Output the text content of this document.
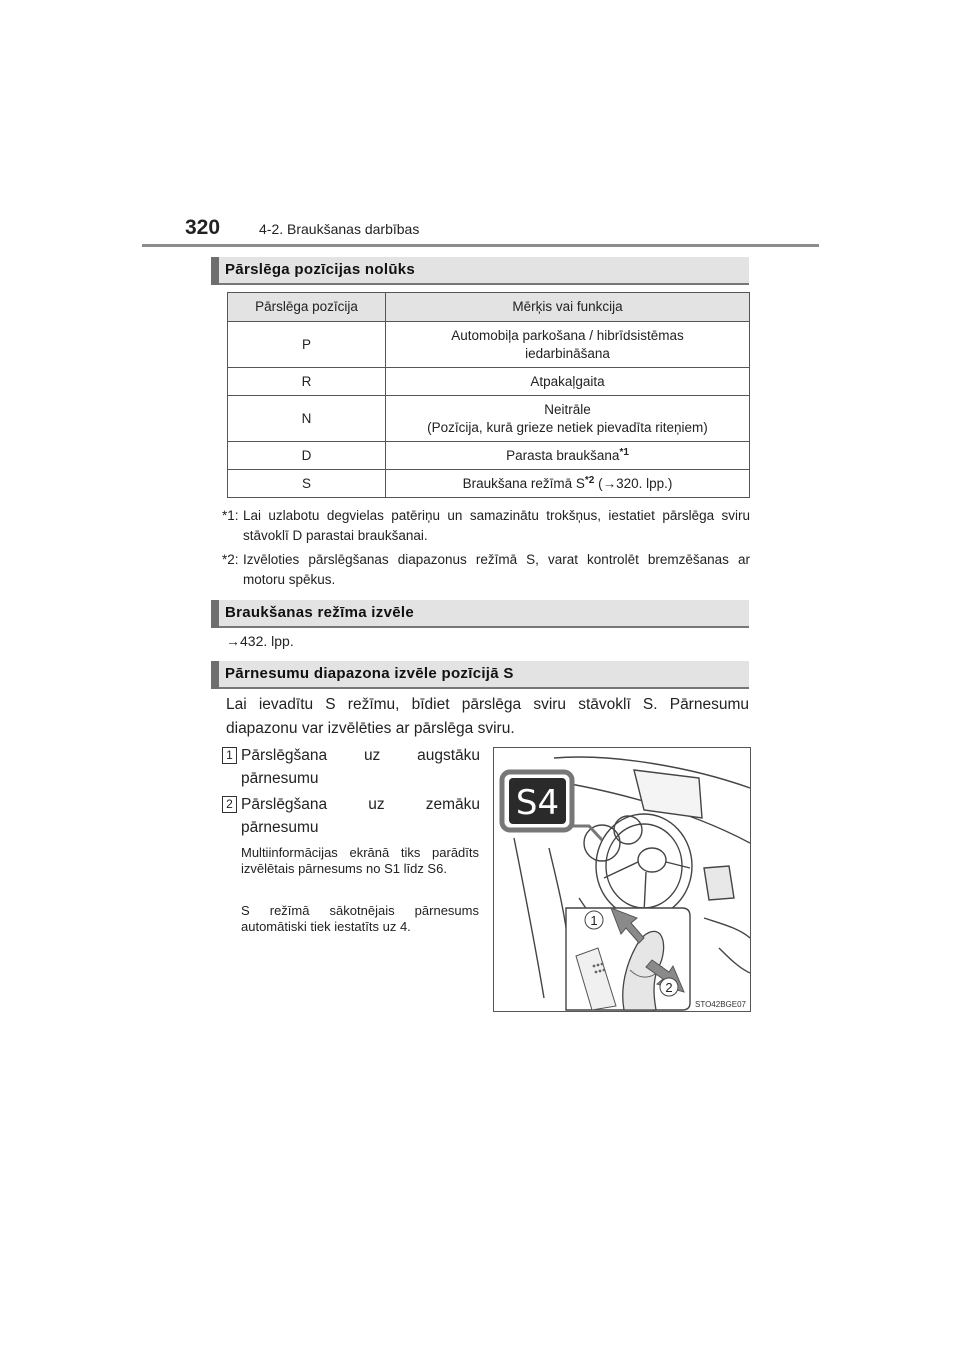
320	4-2. Braukšanas darbības
Pārslēga pozīcijas nolūks
Pārslēga pozīcija	Mērķis vai funkcija
P	Automobiļa parkošana / hibrīdsistēmas
iedarbināšana
R	Atpakaļgaita
N	Neitrāle
(Pozīcija, kurā grieze netiek pievadīta riteņiem)
D	Parasta braukšana$^{*1}$
S	Braukšana režīmā $S^{*2}$ (→320. lpp.)
*1: Lai uzlabotu degvielas patēriņu un samazinātu trokšņus, iestatiet pārslēga sviru stāvoklī D parastai braukšanai.
*2: Izvēloties pārslēgšanas diapazonus režīmā S, varat kontrolēt bremzēšanas ar motoru spēkus.
Braukšanas režīma izvēle
→432. lpp.
Pārnesumu diapazona izvēle pozīcijā S
Lai ievadītu S režīmu, bīdiet pārslēga sviru stāvoklī S. Pārnesumu diapazonu var izvēlēties ar pārslēga sviru.
1 Pārslēgšana uz augstāku pārnesumu
2 Pārslēgšana uz zemāku pārnesumu
Multiinformācijas ekrānā tiks parādīts izvēlētais pārnesums no S1 līdz S6.
S režīmā sākotnējais pārnesums automātiski tiek iestatīts uz 4.
S4
1
2
STO42BGE07
